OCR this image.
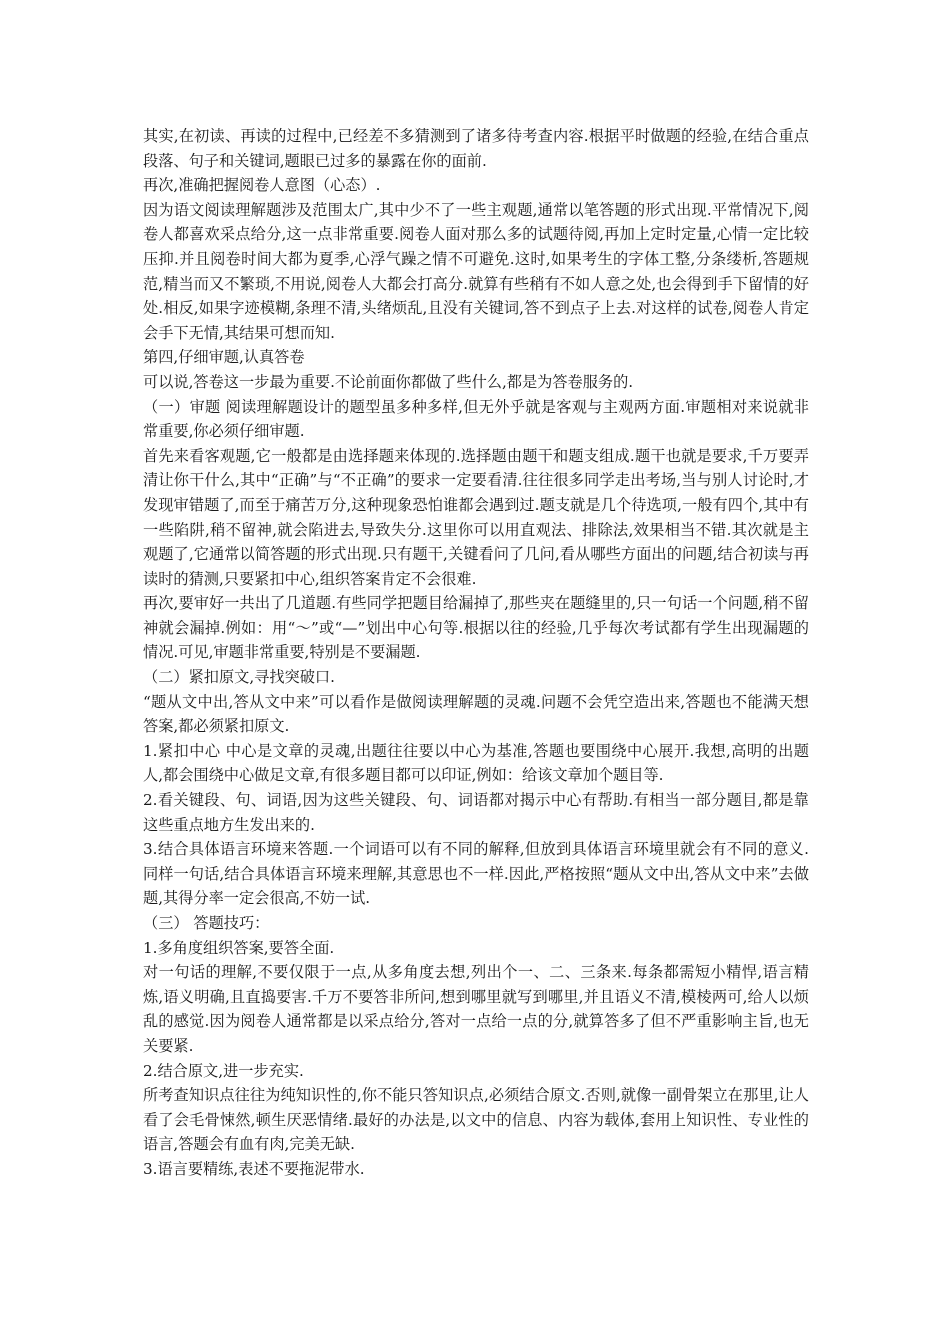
其实,在初读、再读的过程中,已经差不多猜测到了诸多待考查内容.根据平时做题的经验,在结合重点段落、句子和关键词,题眼已过多的暴露在你的面前.

再次,准确把握阅卷人意图（心态）.

因为语文阅读理解题涉及范围太广,其中少不了一些主观题,通常以笔答题的形式出现.平常情况下,阅卷人都喜欢采点给分,这一点非常重要.阅卷人面对那么多的试题待阅,再加上定时定量,心情一定比较压抑.并且阅卷时间大都为夏季,心浮气躁之情不可避免.这时,如果考生的字体工整,分条缕析,答题规范,精当而又不繁琐,不用说,阅卷人大都会打高分.就算有些稍有不如人意之处,也会得到手下留情的好处.相反,如果字迹模糊,条理不清,头绪烦乱,且没有关键词,答不到点子上去.对这样的试卷,阅卷人肯定会手下无情,其结果可想而知.

第四,仔细审题,认真答卷

可以说,答卷这一步最为重要.不论前面你都做了些什么,都是为答卷服务的.

（一）审题 阅读理解题设计的题型虽多种多样,但无外乎就是客观与主观两方面.审题相对来说就非常重要,你必须仔细审题.

首先来看客观题,它一般都是由选择题来体现的.选择题由题干和题支组成.题干也就是要求,千万要弄清让你干什么,其中“正确”与“不正确”的要求一定要看清.往往很多同学走出考场,当与别人讨论时,才发现审错题了,而至于痛苦万分,这种现象恐怕谁都会遇到过.题支就是几个待选项,一般有四个,其中有一些陷阱,稍不留神,就会陷进去,导致失分.这里你可以用直观法、排除法,效果相当不错.其次就是主观题了,它通常以简答题的形式出现.只有题干,关键看问了几问,看从哪些方面出的问题,结合初读与再读时的猜测,只要紧扣中心,组织答案肯定不会很难.

再次,要审好一共出了几道题.有些同学把题目给漏掉了,那些夹在题缝里的,只一句话一个问题,稍不留神就会漏掉.例如：用“～”或“—”划出中心句等.根据以往的经验,几乎每次考试都有学生出现漏题的情况.可见,审题非常重要,特别是不要漏题.

（二）紧扣原文,寻找突破口.

“题从文中出,答从文中来”可以看作是做阅读理解题的灵魂.问题不会凭空造出来,答题也不能满天想答案,都必须紧扣原文.

1.紧扣中心 中心是文章的灵魂,出题往往要以中心为基准,答题也要围绕中心展开.我想,高明的出题人,都会围绕中心做足文章,有很多题目都可以印证,例如：给该文章加个题目等.

2.看关键段、句、词语,因为这些关键段、句、词语都对揭示中心有帮助.有相当一部分题目,都是靠这些重点地方生发出来的.

3.结合具体语言环境来答题.一个词语可以有不同的解释,但放到具体语言环境里就会有不同的意义.同样一句话,结合具体语言环境来理解,其意思也不一样.因此,严格按照“题从文中出,答从文中来”去做题,其得分率一定会很高,不妨一试.

（三） 答题技巧：

1.多角度组织答案,要答全面.

对一句话的理解,不要仅限于一点,从多角度去想,列出个一、二、三条来.每条都需短小精悍,语言精炼,语义明确,且直捣要害.千万不要答非所问,想到哪里就写到哪里,并且语义不清,模棱两可,给人以烦乱的感觉.因为阅卷人通常都是以采点给分,答对一点给一点的分,就算答多了但不严重影响主旨,也无关要紧.

2.结合原文,进一步充实.

所考查知识点往往为纯知识性的,你不能只答知识点,必须结合原文.否则,就像一副骨架立在那里,让人看了会毛骨悚然,顿生厌恶情绪.最好的办法是,以文中的信息、内容为载体,套用上知识性、专业性的语言,答题会有血有肉,完美无缺.

3.语言要精练,表述不要拖泥带水.
